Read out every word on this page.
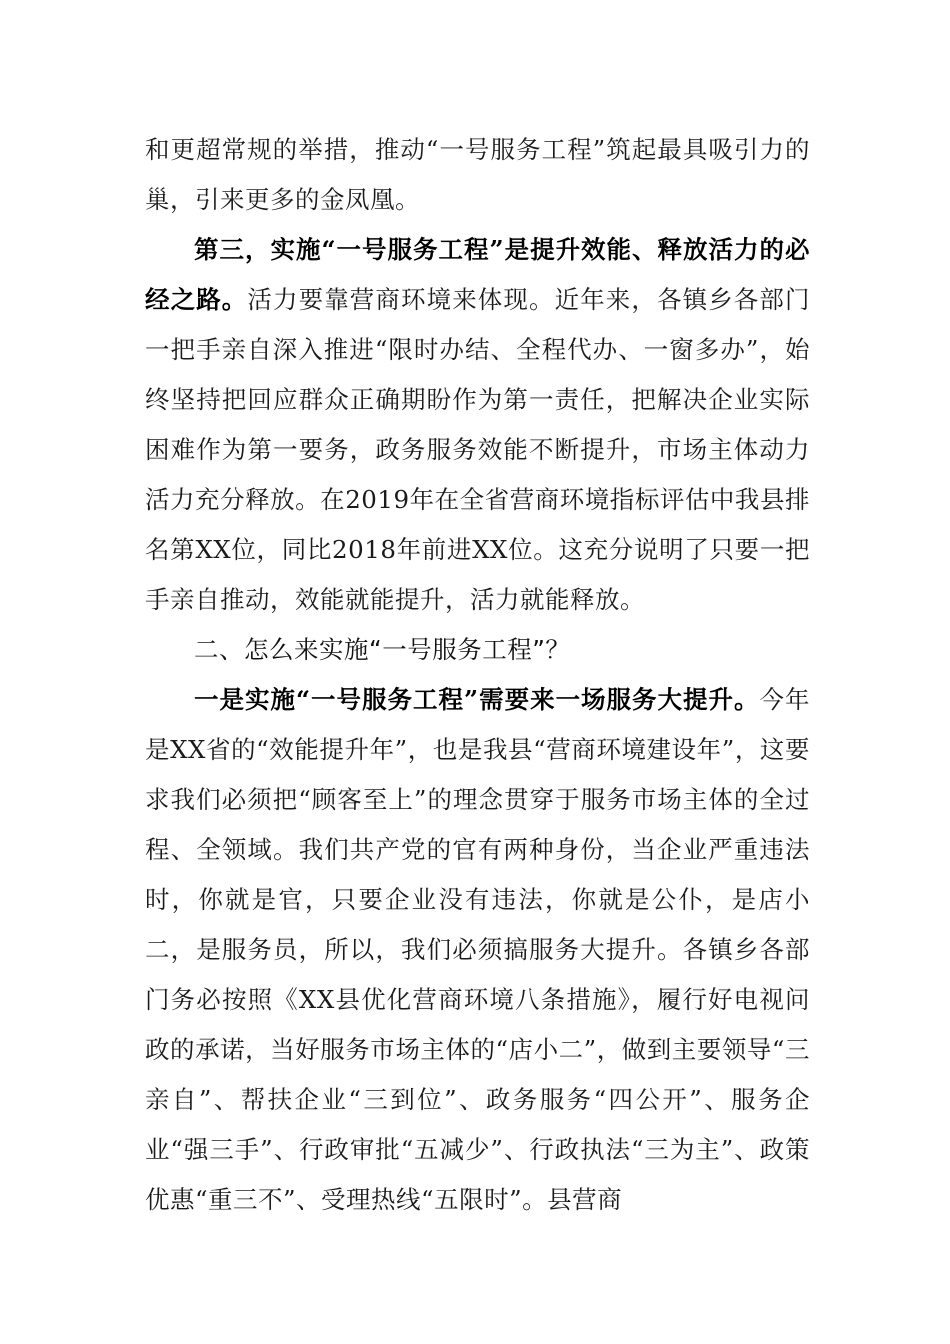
和更超常规的举措，推动“一号服务工程”筑起最具吸引力的巢，引来更多的金凤凰。

第三，实施“一号服务工程”是提升效能、释放活力的必经之路。活力要靠营商环境来体现。近年来，各镇乡各部门一把手亲自深入推进“限时办结、全程代办、一窗多办”，始终坚持把回应群众正确期盼作为第一责任，把解决企业实际困难作为第一要务，政务服务效能不断提升，市场主体动力活力充分释放。在2019年在全省营商环境指标评估中我县排名第XX位，同比2018年前进XX位。这充分说明了只要一把手亲自推动，效能就能提升，活力就能释放。

二、怎么来实施“一号服务工程”？

一是实施“一号服务工程”需要来一场服务大提升。今年是XX省的“效能提升年”，也是我县“营商环境建设年”，这要求我们必须把“顾客至上”的理念贯穿于服务市场主体的全过程、全领域。我们共产党的官有两种身份，当企业严重违法时，你就是官，只要企业没有违法，你就是公仆，是店小二，是服务员，所以，我们必须搞服务大提升。各镇乡各部门务必按照《XX县优化营商环境八条措施》，履行好电视问政的承诺，当好服务市场主体的“店小二”，做到主要领导“三亲自”、帮扶企业“三到位”、政务服务“四公开”、服务企业“强三手”、行政审批“五减少”、行政执法“三为主”、政策优惠“重三不”、受理热线“五限时”。县营商
